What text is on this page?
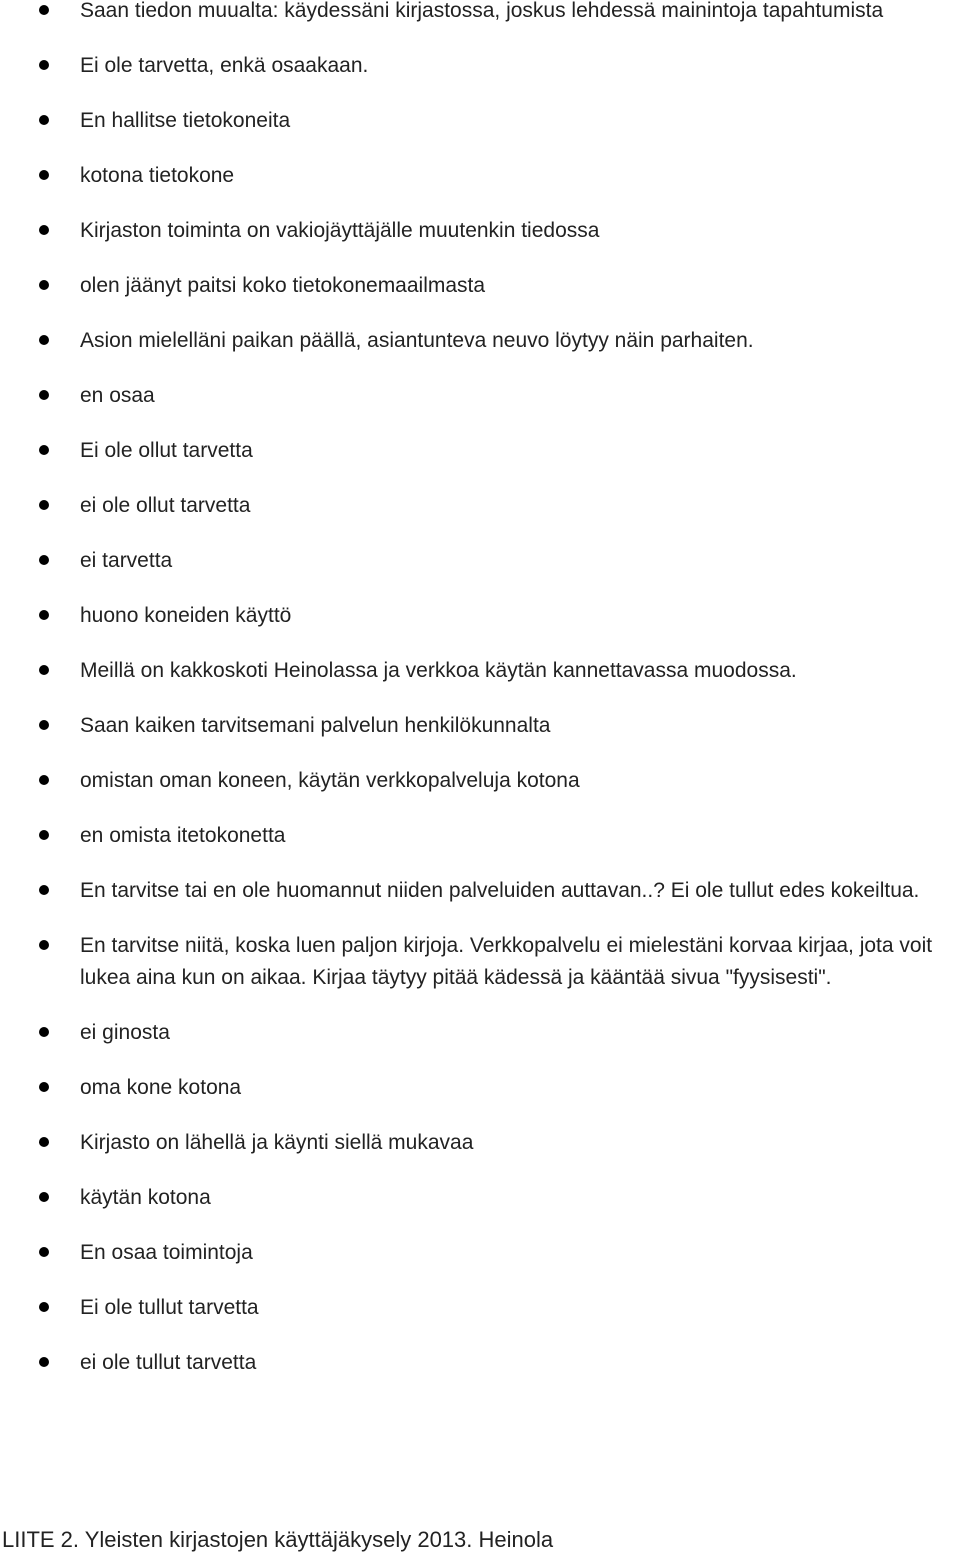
Saan tiedon muualta: käydessäni kirjastossa, joskus lehdessä mainintoja tapahtumista
Ei ole tarvetta, enkä osaakaan.
En hallitse tietokoneita
kotona tietokone
Kirjaston toiminta on vakiojäyttäjälle muutenkin tiedossa
olen jäänyt paitsi koko tietokonemaailmasta
Asion mielelläni paikan päällä, asiantunteva neuvo löytyy näin parhaiten.
en osaa
Ei ole ollut tarvetta
ei ole ollut tarvetta
ei tarvetta
huono koneiden käyttö
Meillä on kakkoskoti Heinolassa ja verkkoa käytän kannettavassa muodossa.
Saan kaiken tarvitsemani palvelun henkilökunnalta
omistan oman koneen, käytän verkkopalveluja kotona
en omista itetokonetta
En tarvitse tai en ole huomannut niiden palveluiden auttavan..? Ei ole tullut edes kokeiltua.
En tarvitse niitä, koska luen paljon kirjoja. Verkkopalvelu ei mielestäni korvaa kirjaa, jota voit lukea aina kun on aikaa. Kirjaa täytyy pitää kädessä ja kääntää sivua "fyysisesti".
ei ginosta
oma kone kotona
Kirjasto on lähellä ja käynti siellä mukavaa
käytän kotona
En osaa toimintoja
Ei ole tullut tarvetta
ei ole tullut tarvetta
LIITE 2. Yleisten kirjastojen käyttäjäkysely 2013. Heinola
